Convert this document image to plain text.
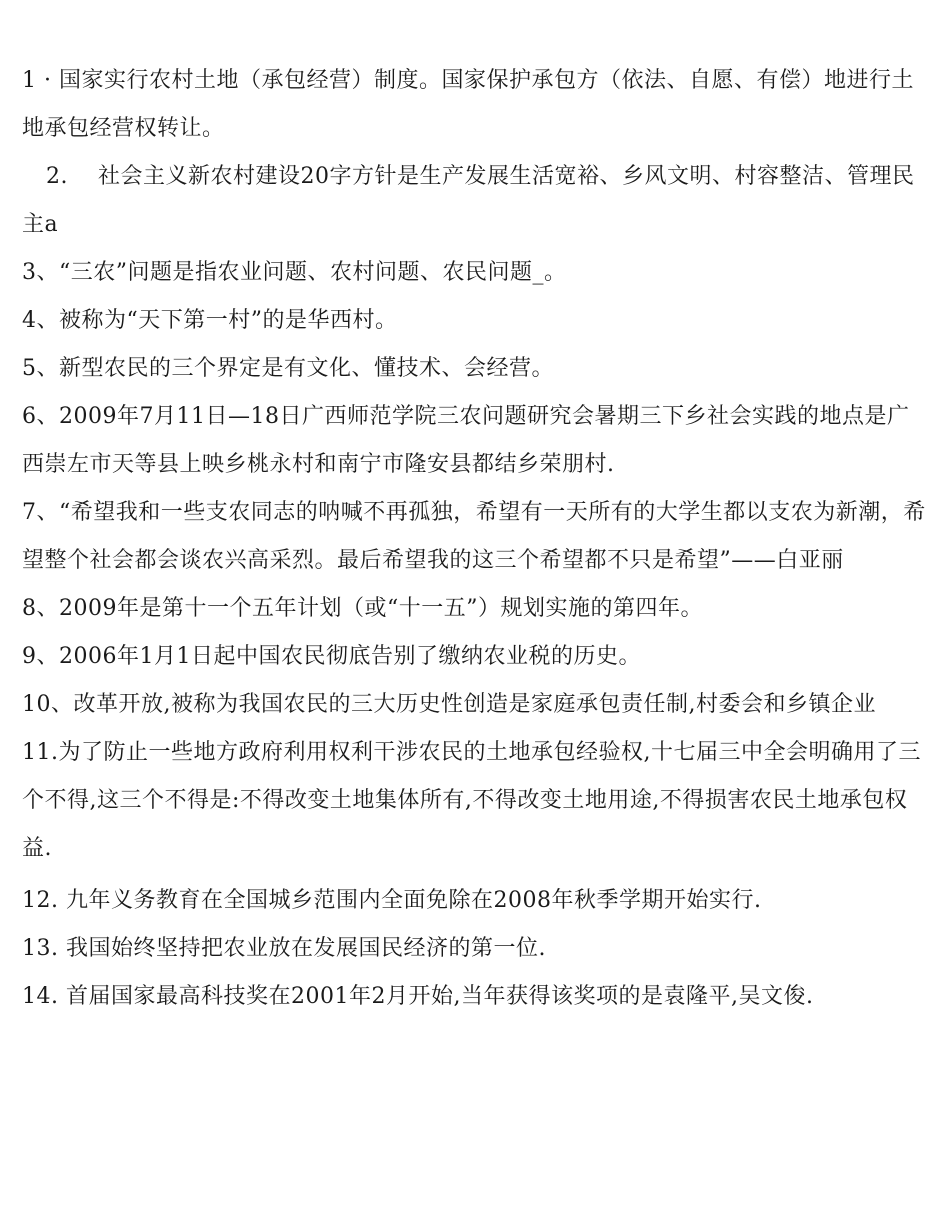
1 · 国家实行农村土地（承包经营）制度。国家保护承包方（依法、自愿、有偿）地进行土地承包经营权转让。

2.    社会主义新农村建设20字方针是生产发展生活宽裕、乡风文明、村容整洁、管理民主a

3、“三农”问题是指农业问题、农村问题、农民问题_。

4、被称为“天下第一村”的是华西村。

5、新型农民的三个界定是有文化、懂技术、会经营。

6、2009年7月11日—18日广西师范学院三农问题研究会暑期三下乡社会实践的地点是广西崇左市天等县上映乡桃永村和南宁市隆安县都结乡荣朋村.

7、“希望我和一些支农同志的呐喊不再孤独，希望有一天所有的大学生都以支农为新潮，希望整个社会都会谈农兴高采烈。最后希望我的这三个希望都不只是希望”——白亚丽

8、2009年是第十一个五年计划（或“十一五”）规划实施的第四年。

9、2006年1月1日起中国农民彻底告别了缴纳农业税的历史。

10、改革开放,被称为我国农民的三大历史性创造是家庭承包责任制,村委会和乡镇企业

11.为了防止一些地方政府利用权利干涉农民的土地承包经验权,十七届三中全会明确用了三个不得,这三个不得是:不得改变土地集体所有,不得改变土地用途,不得损害农民土地承包权益.

12. 九年义务教育在全国城乡范围内全面免除在2008年秋季学期开始实行.

13. 我国始终坚持把农业放在发展国民经济的第一位.

14. 首届国家最高科技奖在2001年2月开始,当年获得该奖项的是袁隆平,吴文俊.
